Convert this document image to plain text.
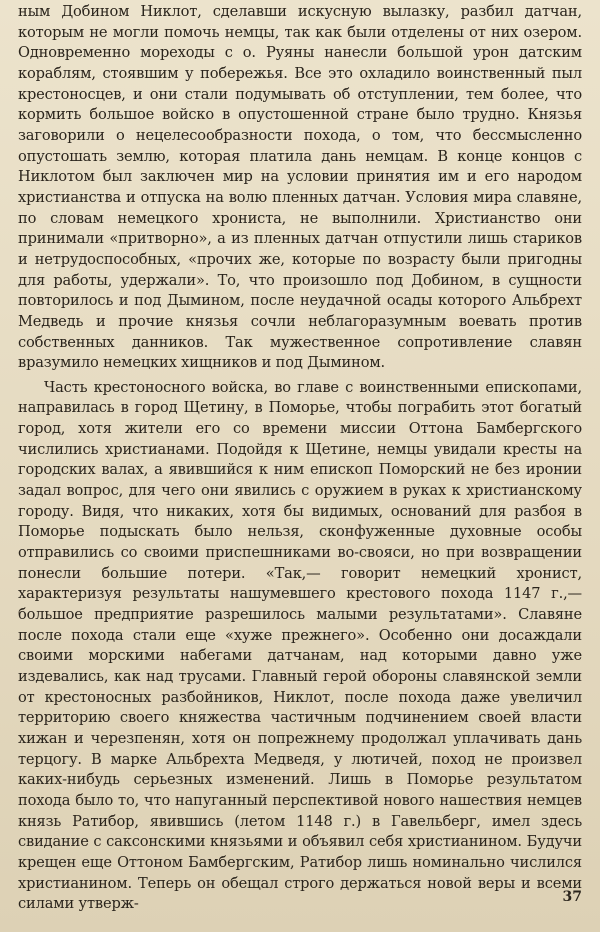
ным Добином Никлот, сделавши искусную вылазку, разбил датчан, которым не могли помочь немцы, так как были отделены от них озером. Одновременно мореходы с о. Руяны нанесли большой урон датским кораблям, стоявшим у побережья. Все это охладило воинственный пыл крестоносцев, и они стали подумывать об отступлении, тем более, что кормить большое войско в опустошенной стране было трудно. Князья заговорили о нецелесообразности похода, о том, что бессмысленно опустошать землю, которая платила дань немцам. В конце концов с Никлотом был заключен мир на условии принятия им и его народом христианства и отпуска на волю пленных датчан. Условия мира славяне, по словам немецкого хрониста, не выполнили. Христианство они принимали «притворно», а из пленных датчан отпустили лишь стариков и нетрудоспособных, «прочих же, которые по возрасту были пригодны для работы, удержали». То, что произошло под Добином, в сущности повторилось и под Дымином, после неудачной осады которого Альбрехт Медведь и прочие князья сочли неблагоразумным воевать против собственных данников. Так мужественное сопротивление славян вразумило немецких хищников и под Дымином.

Часть крестоносного войска, во главе с воинственными епископами, направилась в город Щетину, в Поморье, чтобы пограбить этот богатый город, хотя жители его со времени миссии Оттона Бамбергского числились христианами. Подойдя к Щетине, немцы увидали кресты на городских валах, а явившийся к ним епископ Поморский не без иронии задал вопрос, для чего они явились с оружием в руках к христианскому городу. Видя, что никаких, хотя бы видимых, оснований для разбоя в Поморье подыскать было нельзя, сконфуженные духовные особы отправились со своими приспешниками во-свояси, но при возвращении понесли большие потери. «Так,— говорит немецкий хронист, характеризуя результаты нашумевшего крестового похода 1147 г.,— большое предприятие разрешилось малыми результатами». Славяне после похода стали еще «хуже прежнего». Особенно они досаждали своими морскими набегами датчанам, над которыми давно уже издевались, как над трусами. Главный герой обороны славянской земли от крестоносных разбойников, Никлот, после похода даже увеличил территорию своего княжества частичным подчинением своей власти хижан и черезпенян, хотя он попрежнему продолжал уплачивать дань терцогу. В марке Альбрехта Медведя, у лютичей, поход не произвел каких-нибудь серьезных изменений. Лишь в Поморье результатом похода было то, что напуганный перспективой нового нашествия немцев князь Ратибор, явившись (летом 1148 г.) в Гавельберг, имел здесь свидание с саксонскими князьями и объявил себя христианином. Будучи крещен еще Оттоном Бамбергским, Ратибор лишь номинально числился христианином. Теперь он обещал строго держаться новой веры и всеми силами утверж-	37
